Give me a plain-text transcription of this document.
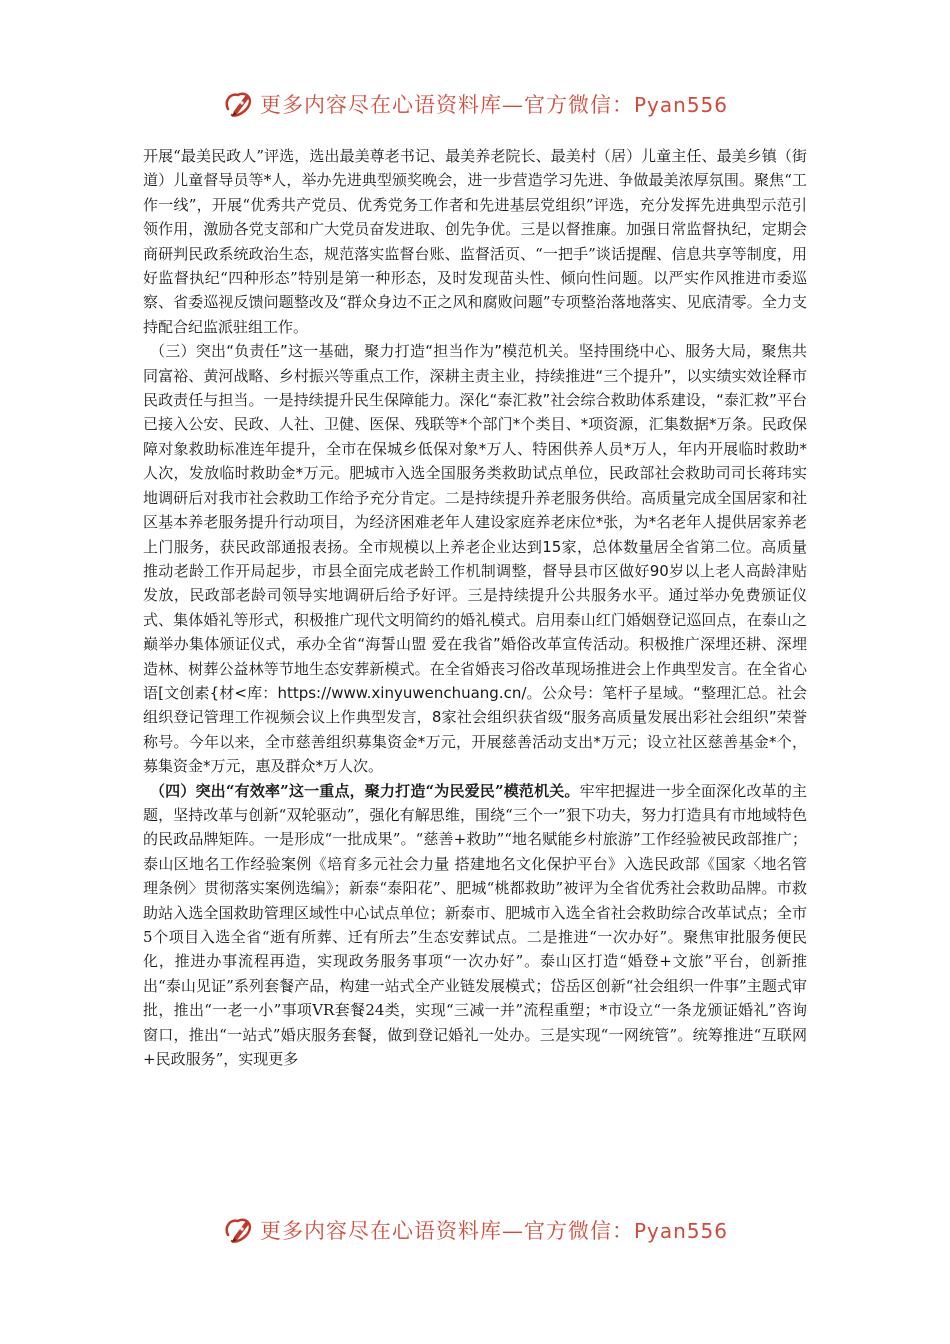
更多内容尽在心语资料库—官方微信：Pyan556

开展“最美民政人”评选，选出最美尊老书记、最美养老院长、最美村（居）儿童主任、最美乡镇（街道）儿童督导员等*人，举办先进典型颁奖晚会，进一步营造学习先进、争做最美浓厚氛围。聚焦“工作一线”，开展“优秀共产党员、优秀党务工作者和先进基层党组织”评选，充分发挥先进典型示范引领作用，激励各党支部和广大党员奋发进取、创先争优。三是以督推廉。加强日常监督执纪，定期会商研判民政系统政治生态，规范落实监督台账、监督活页、“一把手”谈话提醒、信息共享等制度，用好监督执纪“四种形态”特别是第一种形态，及时发现苗头性、倾向性问题。以严实作风推进市委巡察、省委巡视反馈问题整改及“群众身边不正之风和腐败问题”专项整治落地落实、见底清零。全力支持配合纪监派驻组工作。

（三）突出“负责任”这一基础，聚力打造“担当作为”模范机关。坚持围绕中心、服务大局，聚焦共同富裕、黄河战略、乡村振兴等重点工作，深耕主责主业，持续推进“三个提升”，以实绩实效诠释市民政责任与担当。一是持续提升民生保障能力。深化“泰汇救”社会综合救助体系建设，“泰汇救”平台已接入公安、民政、人社、卫健、医保、残联等*个部门*个类目、*项资源，汇集数据*万条。民政保障对象救助标准连年提升，全市在保城乡低保对象*万人、特困供养人员*万人，年内开展临时救助*人次，发放临时救助金*万元。肥城市入选全国服务类救助试点单位，民政部社会救助司司长蒋玮实地调研后对我市社会救助工作给予充分肯定。二是持续提升养老服务供给。高质量完成全国居家和社区基本养老服务提升行动项目，为经济困难老年人建设家庭养老床位*张，为*名老年人提供居家养老上门服务，获民政部通报表扬。全市规模以上养老企业达到15家，总体数量居全省第二位。高质量推动老龄工作开局起步，市县全面完成老龄工作机制调整，督导县市区做好90岁以上老人高龄津贴发放，民政部老龄司领导实地调研后给予好评。三是持续提升公共服务水平。通过举办免费颁证仪式、集体婚礼等形式，积极推广现代文明简约的婚礼模式。启用泰山红门婚姻登记巡回点，在泰山之巅举办集体颁证仪式，承办全省“海誓山盟 爱在我省”婚俗改革宣传活动。积极推广深埋还耕、深埋造林、树葬公益林等节地生态安葬新模式。在全省婚丧习俗改革现场推进会上作典型发言。在全省心语[文创素{材<库：https://www.xinyuwenchuang.cn/。公众号：笔杆子星域。“整理汇总。社会组织登记管理工作视频会议上作典型发言，8家社会组织获省级“服务高质量发展出彩社会组织”荣誉称号。今年以来，全市慈善组织募集资金*万元，开展慈善活动支出*万元；设立社区慈善基金*个，募集资金*万元，惠及群众*万人次。

（四）突出“有效率”这一重点，聚力打造“为民爱民”模范机关。牢牢把握进一步全面深化改革的主题，坚持改革与创新“双轮驱动”，强化有解思维，围绕“三个一”狠下功夫，努力打造具有市地域特色的民政品牌矩阵。一是形成“一批成果”。“慈善+救助”“地名赋能乡村旅游”工作经验被民政部推广；泰山区地名工作经验案例《培育多元社会力量 搭建地名文化保护平台》入选民政部《国家〈地名管理条例〉贯彻落实案例选编》；新泰“泰阳花”、肥城“桃都救助”被评为全省优秀社会救助品牌。市救助站入选全国救助管理区域性中心试点单位；新泰市、肥城市入选全省社会救助综合改革试点；全市5个项目入选全省“逝有所葬、迁有所去”生态安葬试点。二是推进“一次办好”。聚焦审批服务便民化，推进办事流程再造，实现政务服务事项“一次办好”。泰山区打造“婚登+文旅”平台，创新推出“泰山见证”系列套餐产品，构建一站式全产业链发展模式；岱岳区创新“社会组织一件事”主题式审批，推出“一老一小”事项VR套餐24类，实现“三减一并”流程重塑；*市设立“一条龙颁证婚礼”咨询窗口，推出“一站式”婚庆服务套餐，做到登记婚礼一处办。三是实现“一网统管”。统筹推进“互联网+民政服务”，实现更多

更多内容尽在心语资料库—官方微信：Pyan556
